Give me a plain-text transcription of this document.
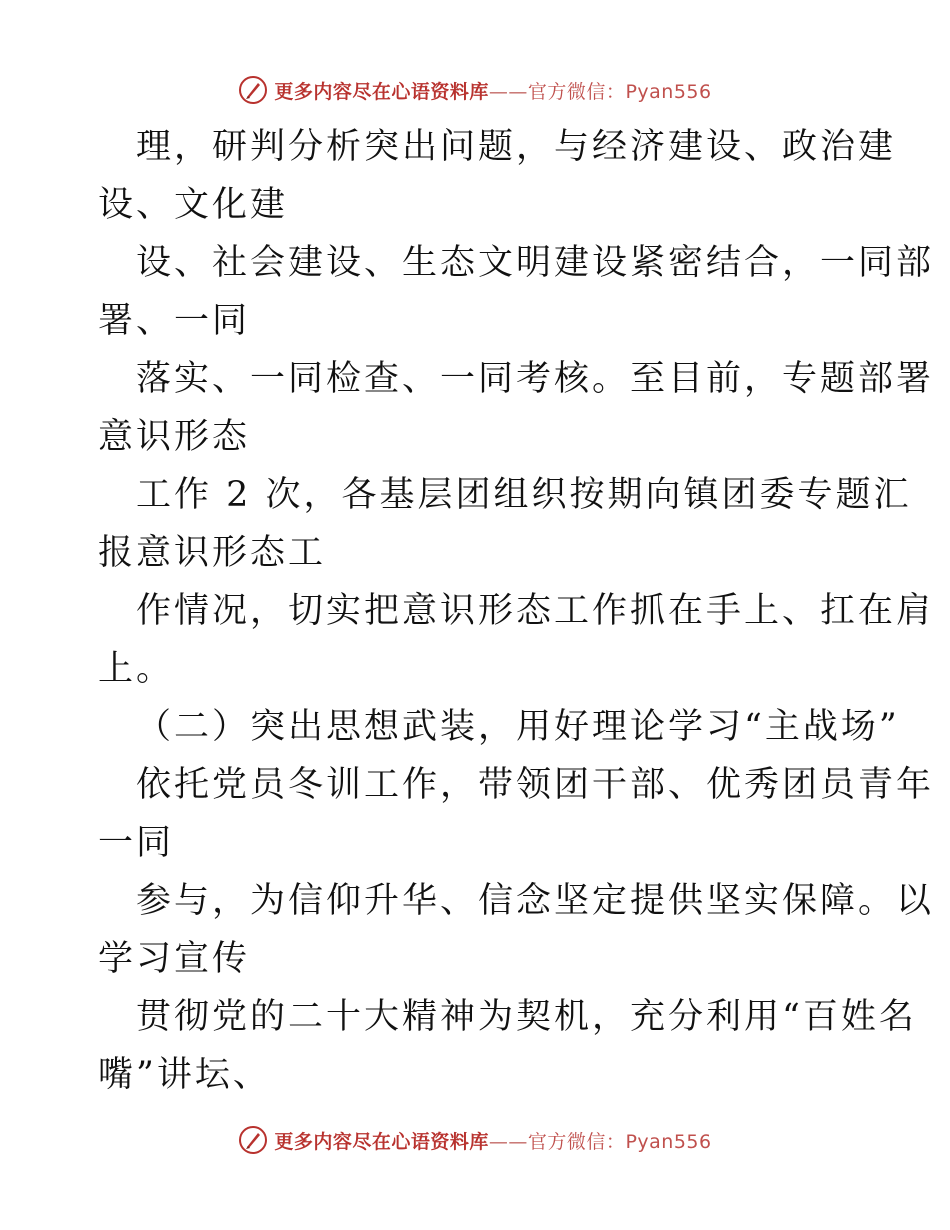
更多内容尽在心语资料库——官方微信：Pyan556
理，研判分析突出问题，与经济建设、政治建
设、文化建
设、社会建设、生态文明建设紧密结合，一同部
署、一同
落实、一同检查、一同考核。至目前，专题部署
意识形态
工作 2 次，各基层团组织按期向镇团委专题汇
报意识形态工
作情况，切实把意识形态工作抓在手上、扛在肩
上。
（二）突出思想武装，用好理论学习“主战场”
依托党员冬训工作，带领团干部、优秀团员青年
一同
参与，为信仰升华、信念坚定提供坚实保障。以
学习宣传
贯彻党的二十大精神为契机，充分利用“百姓名
嘴”讲坛、
更多内容尽在心语资料库——官方微信：Pyan556
